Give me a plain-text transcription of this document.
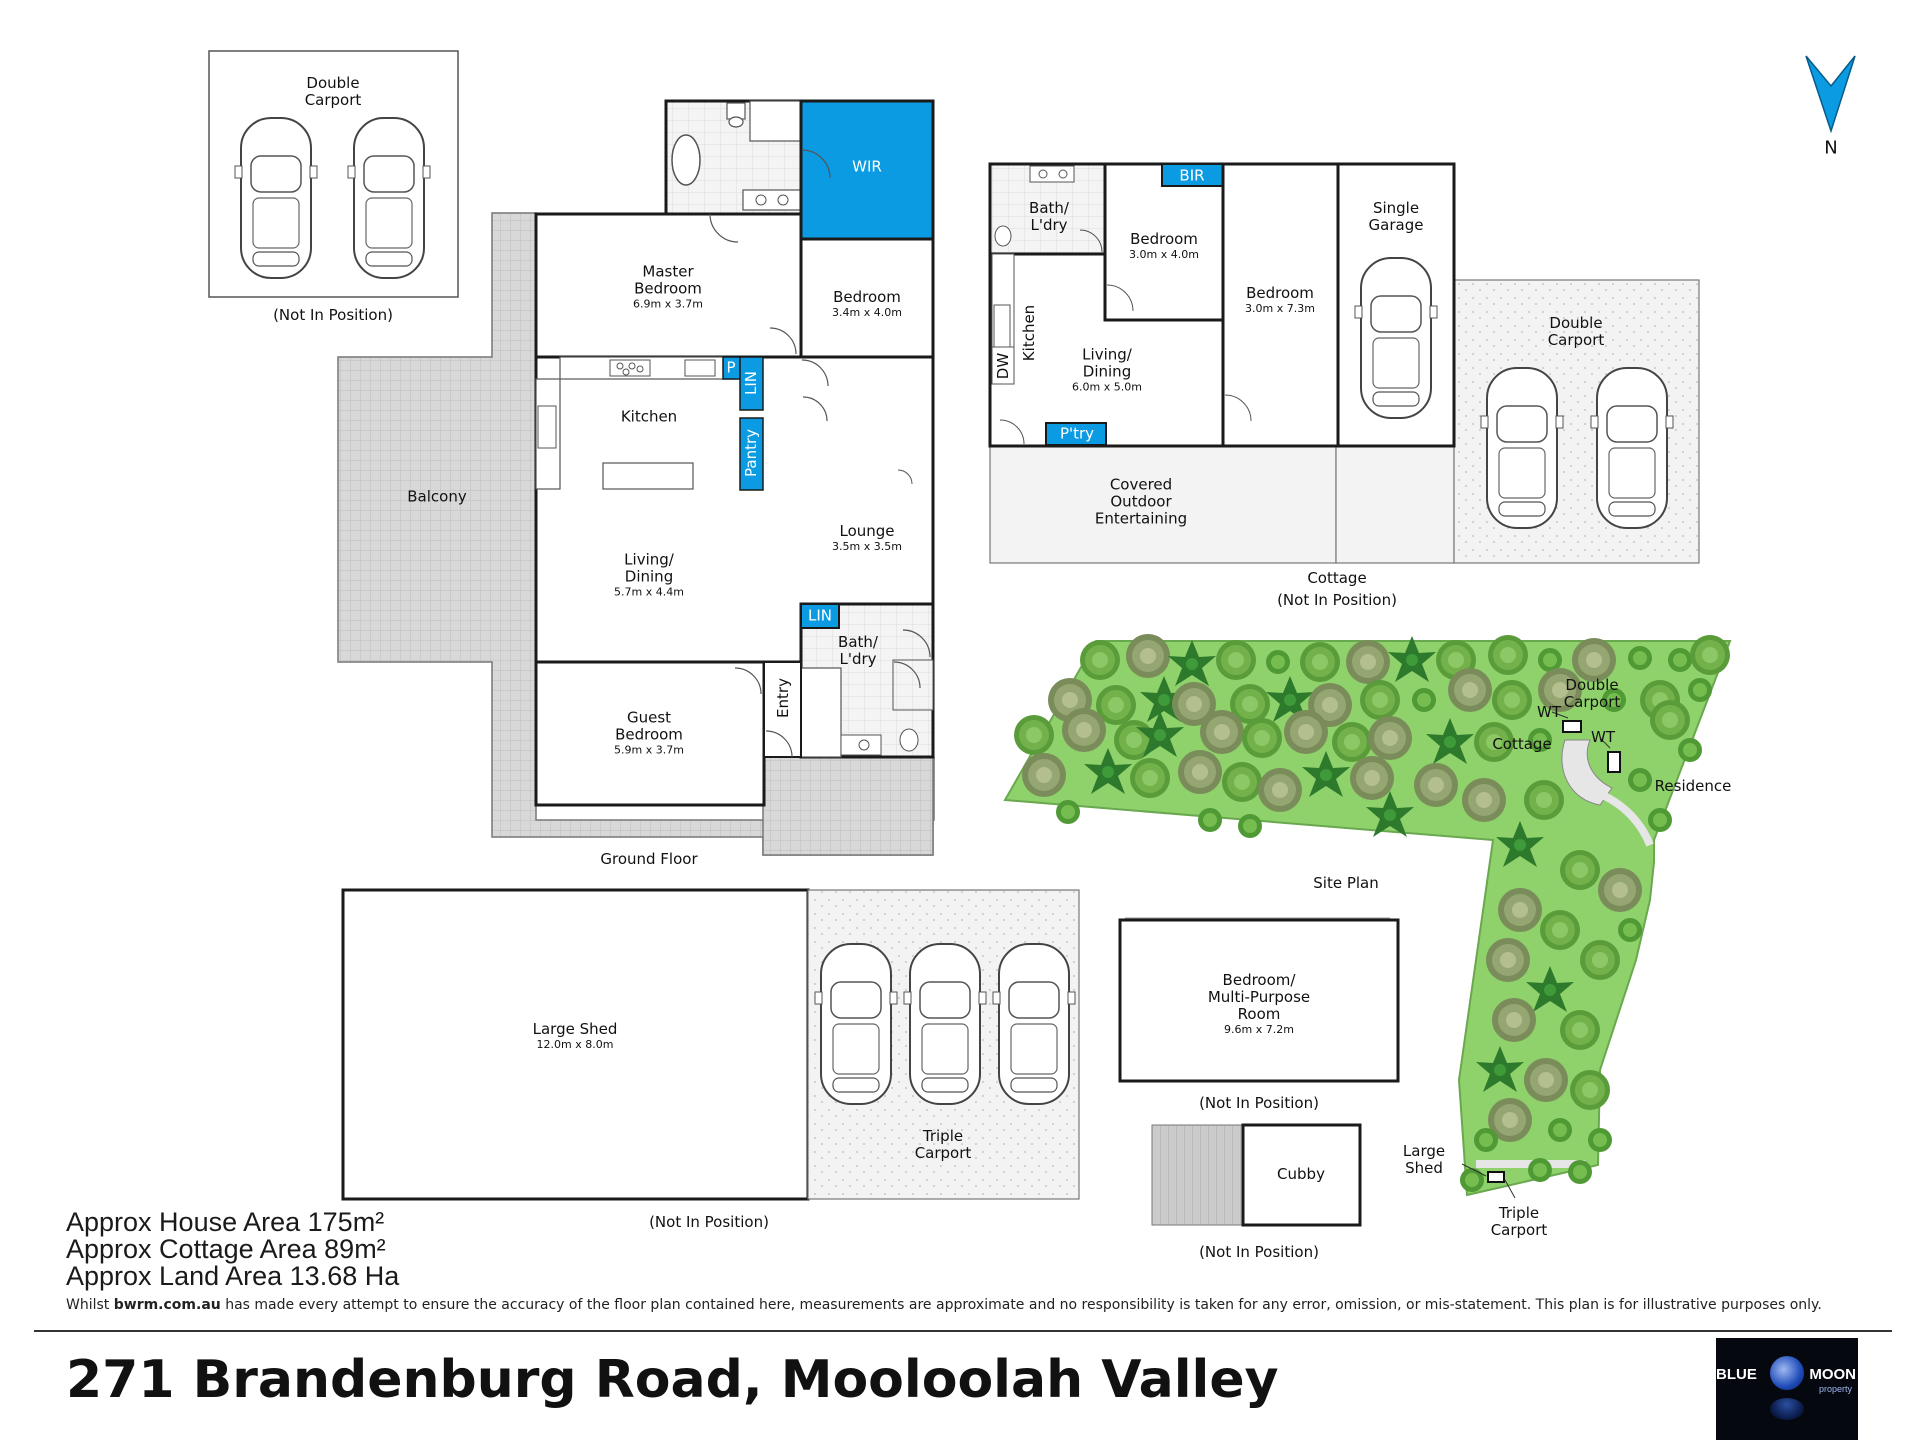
Double
Carport
(Not In Position)
WIR
Master
Bedroom
6.9m x 3.7m	Bedroom
3.4m x 4.0m
BIR
Kitchen
P
LIN
Pantry
Balcony
Lounge
3.5m x 3.5m
Living/
Dining
5.7m x 4.4m
LIN
Bath/
L'dry
Guest
Bedroom
5.9m x 3.7m
Entry
Ground Floor
Bath/
L'dry
Bedroom
3.0m x 4.0m
BIR
Bedroom
3.0m x 7.3m
Single
Garage
Kitchen
DW	Living/
Dining
6.0m x 5.0m
P'try
Covered
Outdoor
Entertaining
Double
Carport
Cottage
(Not In Position)
Double
Carport
WT
WT
Cottage
Residence
Site Plan
Large
Shed
Triple
Carport
Large Shed
12.0m x 8.0m
Triple
Carport
(Not In Position)
Bedroom/
Multi-Purpose
Room
9.6m x 7.2m
(Not In Position)
Cubby
(Not In Position)
N
Approx House Area 175m²
Approx Cottage Area 89m²
Approx Land Area 13.68 Ha
Whilst bwrm.com.au has made every attempt to ensure the accuracy of the floor plan contained here, measurements are approximate and no responsibility is taken for any error, omission, or mis-statement. This plan is for illustrative purposes only.
271 Brandenburg Road, Mooloolah Valley	BLUE	MOON
property
